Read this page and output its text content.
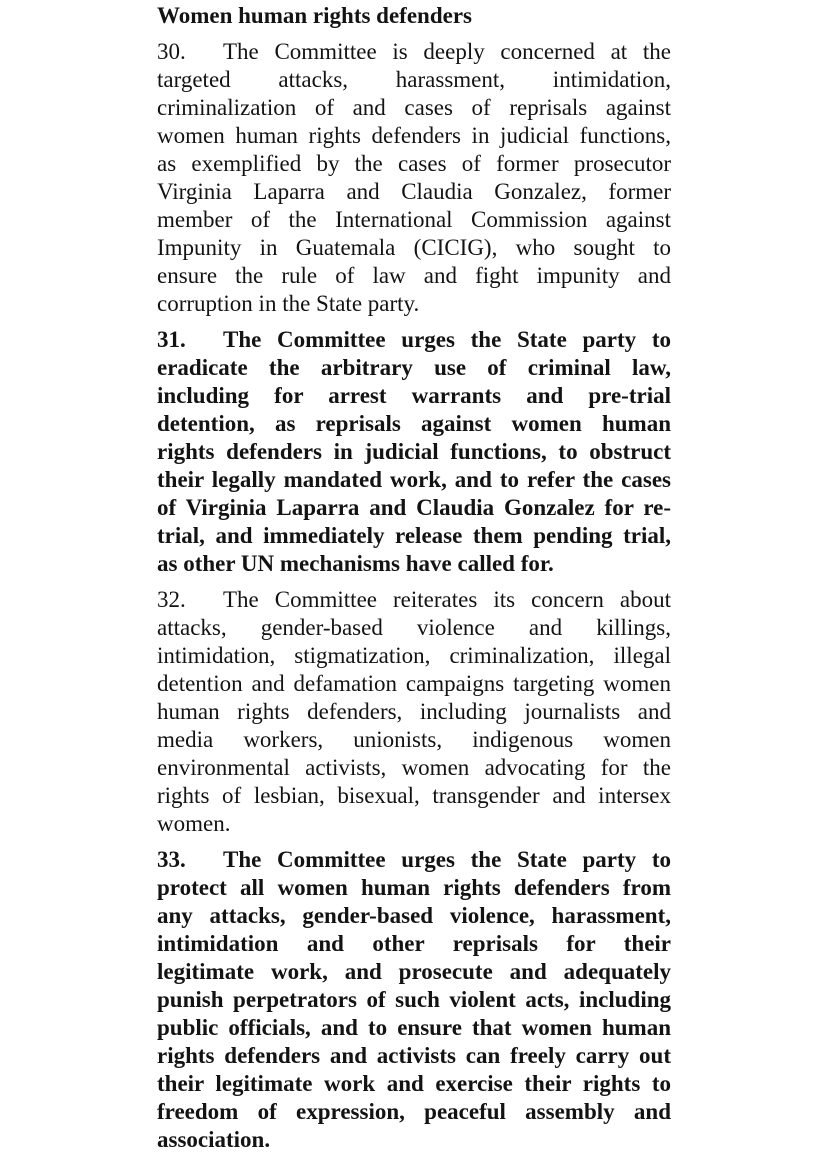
Women human rights defenders
30. The Committee is deeply concerned at the
targeted attacks, harassment, intimidation,
criminalization of and cases of reprisals against
women human rights defenders in judicial functions,
as exemplified by the cases of former prosecutor
Virginia Laparra and Claudia Gonzalez, former
member of the International Commission against
Impunity in Guatemala (CICIG), who sought to
ensure the rule of law and fight impunity and
corruption in the State party.
31. The Committee urges the State party to
eradicate the arbitrary use of criminal law,
including for arrest warrants and pre-trial
detention, as reprisals against women human
rights defenders in judicial functions, to obstruct
their legally mandated work, and to refer the cases
of Virginia Laparra and Claudia Gonzalez for re-
trial, and immediately release them pending trial,
as other UN mechanisms have called for.
32. The Committee reiterates its concern about
attacks, gender-based violence and killings,
intimidation, stigmatization, criminalization, illegal
detention and defamation campaigns targeting women
human rights defenders, including journalists and
media workers, unionists, indigenous women
environmental activists, women advocating for the
rights of lesbian, bisexual, transgender and intersex
women.
33. The Committee urges the State party to
protect all women human rights defenders from
any attacks, gender-based violence, harassment,
intimidation and other reprisals for their
legitimate work, and prosecute and adequately
punish perpetrators of such violent acts, including
public officials, and to ensure that women human
rights defenders and activists can freely carry out
their legitimate work and exercise their rights to
freedom of expression, peaceful assembly and
association.
